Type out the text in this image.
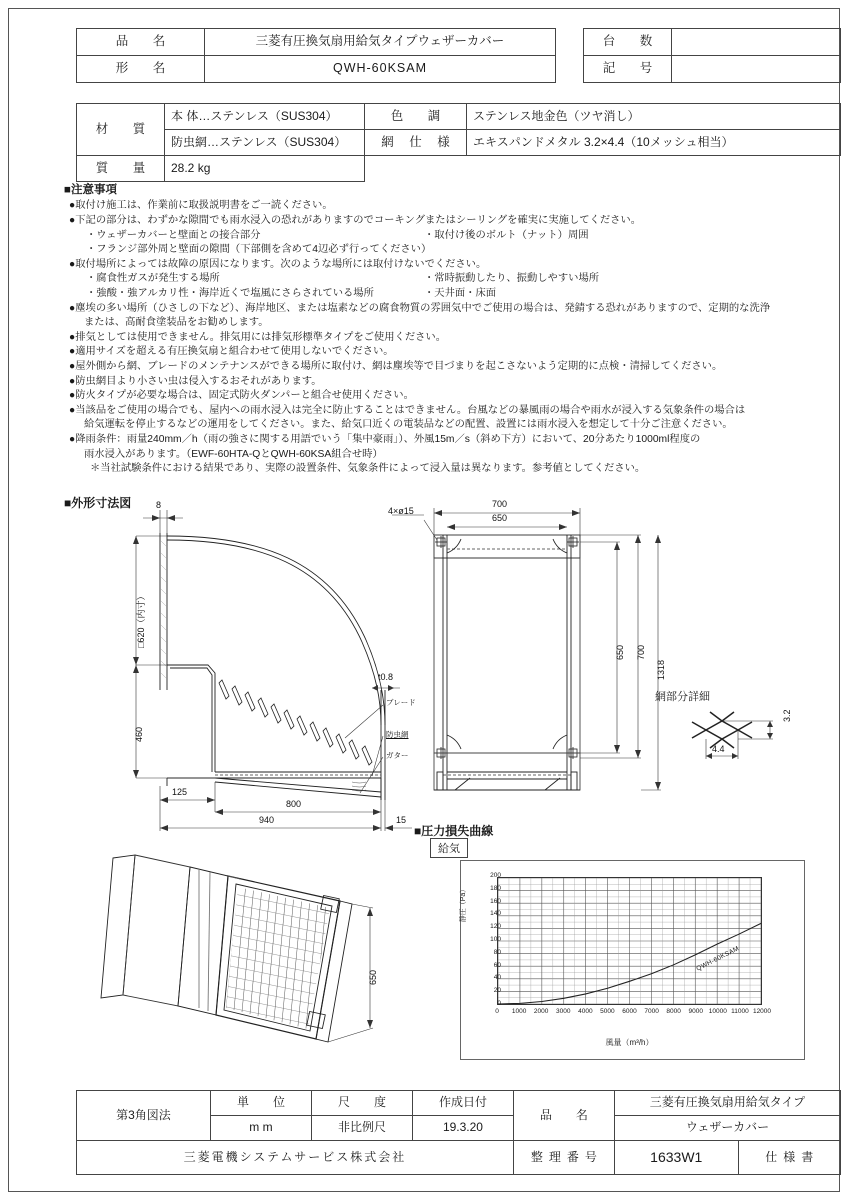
品　名	三菱有圧換気扇用給気タイプウェザーカバー
形　名	QWH-60KSAM
台　数	
記　号	
材　質	本 体…ステンレス（SUS304）	色　調	ステンレス地金色（ツヤ消し）
	防虫網…ステンレス（SUS304）	網 仕 様	エキスパンドメタル 3.2×4.4（10メッシュ相当）
質　量	28.2 kg		
■注意事項
●取付け施工は、作業前に取扱説明書をご一読ください。
●下記の部分は、わずかな隙間でも雨水浸入の恐れがありますのでコーキングまたはシーリングを確実に実施してください。
・ウェザーカバーと壁面との接合部分	・取付け後のボルト（ナット）周囲
・フランジ部外周と壁面の隙間（下部側を含めて4辺必ず行ってください）
●取付場所によっては故障の原因になります。次のような場所には取付けないでください。
・腐食性ガスが発生する場所	・常時振動したり、振動しやすい場所
・強酸・強アルカリ性・海岸近くで塩風にさらされている場所	・天井面・床面
●塵埃の多い場所（ひさしの下など）、海岸地区、または塩素などの腐食物質の雰囲気中でご使用の場合は、発錆する恐れがありますので、定期的な洗浄
または、高耐食塗装品をお勧めします。
●排気としては使用できません。排気用には排気形標準タイプをご使用ください。
●適用サイズを超える有圧換気扇と組合わせて使用しないでください。
●屋外側から網、ブレードのメンテナンスができる場所に取付け、網は塵埃等で目づまりを起こさないよう定期的に点検・清掃してください。
●防虫網目より小さい虫は侵入するおそれがあります。
●防火タイプが必要な場合は、固定式防火ダンパーと組合せ使用ください。
●当該品をご使用の場合でも、屋内への雨水浸入は完全に防止することはできません。台風などの暴風雨の場合や雨水が浸入する気象条件の場合は
給気運転を停止するなどの運用をしてください。また、給気口近くの電装品などの配置、設置には雨水浸入を想定して十分ご注意ください。
●降雨条件：雨量240mm／h（雨の強さに関する用語でいう「集中豪雨」）、外風15m／s（斜め下方）において、20分あたり1000ml程度の
雨水浸入があります。（EWF-60HTA-QとQWH-60KSA組合せ時）
＊当社試験条件における結果であり、実際の設置条件、気象条件によって浸入量は異なります。参考値としてください。
■外形寸法図
■圧力損失曲線
給気
網部分詳細
8
□620（内寸）
460
125
800
940	15
t0.8
ブレード
防虫網
ガター
700
650
650 700
1318
4×ø15
4.4
3.2
650
静圧（Pa）
風量（m³/h）
0
20
40
60
80
100
120
140
160
180
200
0	1000	2000	3000	4000	5000	6000	7000	8000	9000 10000 11000 12000
QWH-60KSAM
第3角図法	単　位	尺　度	作成日付	品　名	三菱有圧換気扇用給気タイプ	
	m m	非比例尺	19.3.20		ウェザーカバー	
三菱電機システムサービス株式会社				整理番号	1633W1	仕様書
